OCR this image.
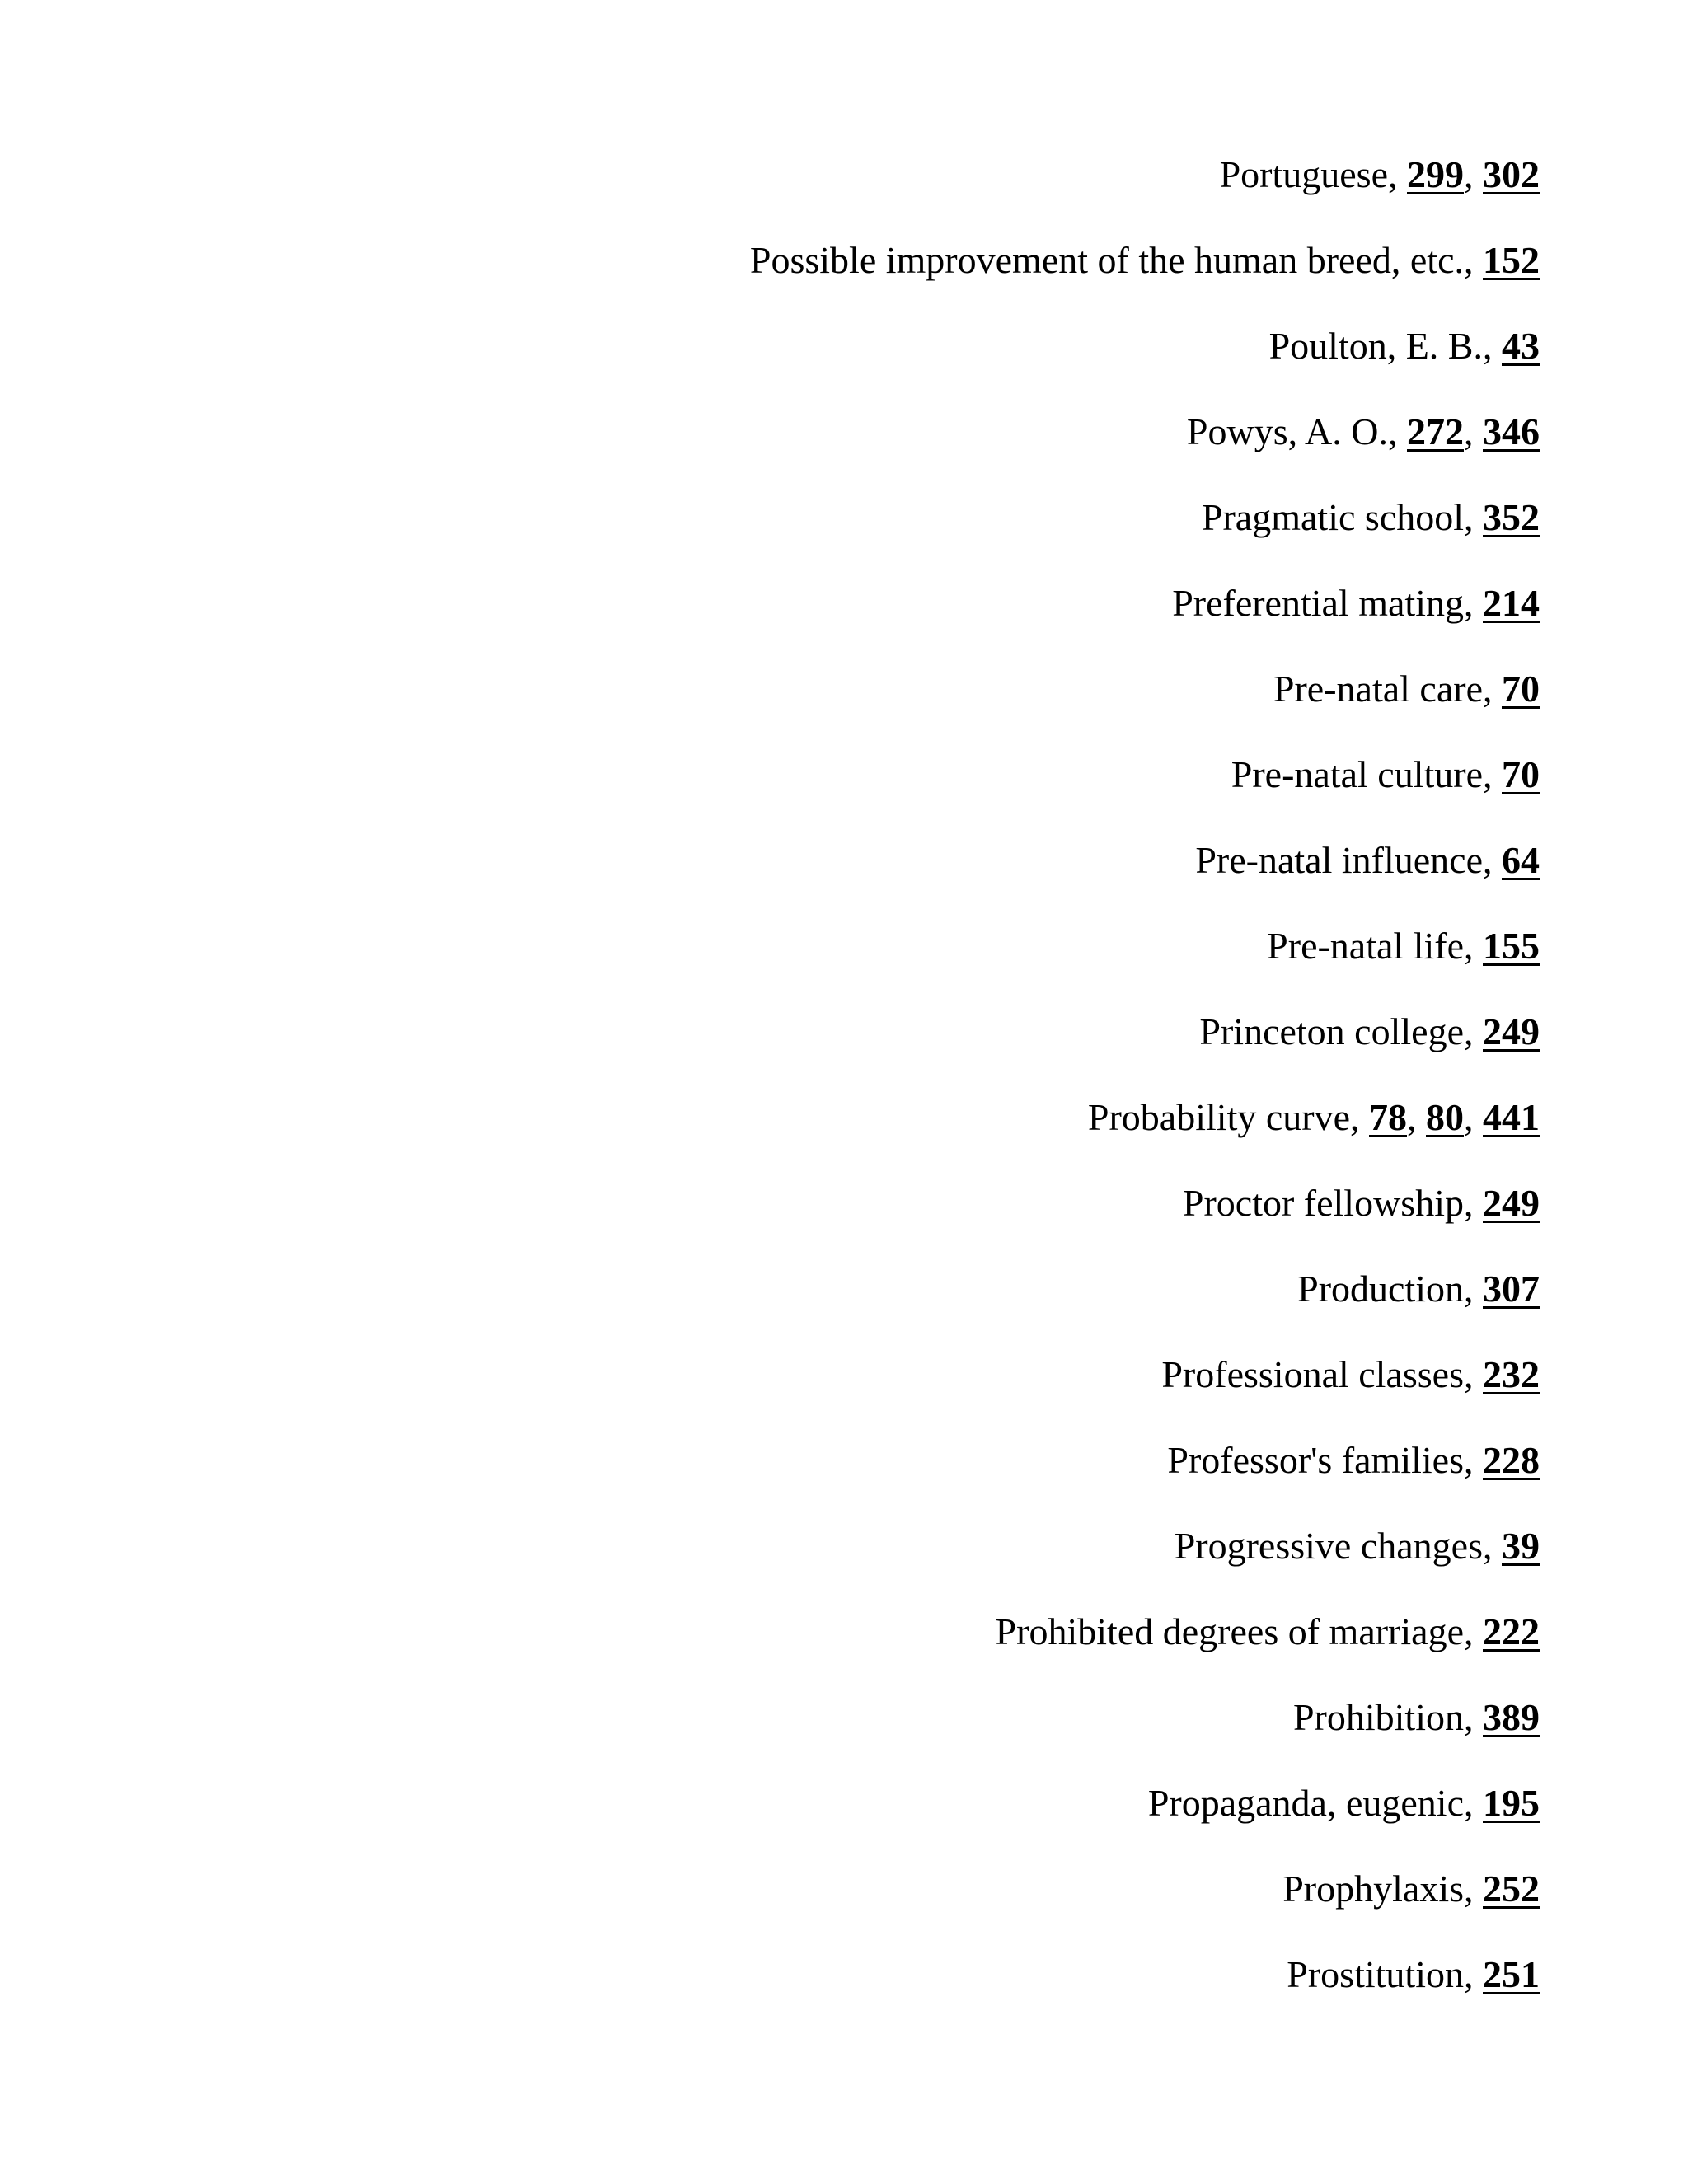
Portuguese, 299, 302
Possible improvement of the human breed, etc., 152
Poulton, E. B., 43
Powys, A. O., 272, 346
Pragmatic school, 352
Preferential mating, 214
Pre-natal care, 70
Pre-natal culture, 70
Pre-natal influence, 64
Pre-natal life, 155
Princeton college, 249
Probability curve, 78, 80, 441
Proctor fellowship, 249
Production, 307
Professional classes, 232
Professor's families, 228
Progressive changes, 39
Prohibited degrees of marriage, 222
Prohibition, 389
Propaganda, eugenic, 195
Prophylaxis, 252
Prostitution, 251
